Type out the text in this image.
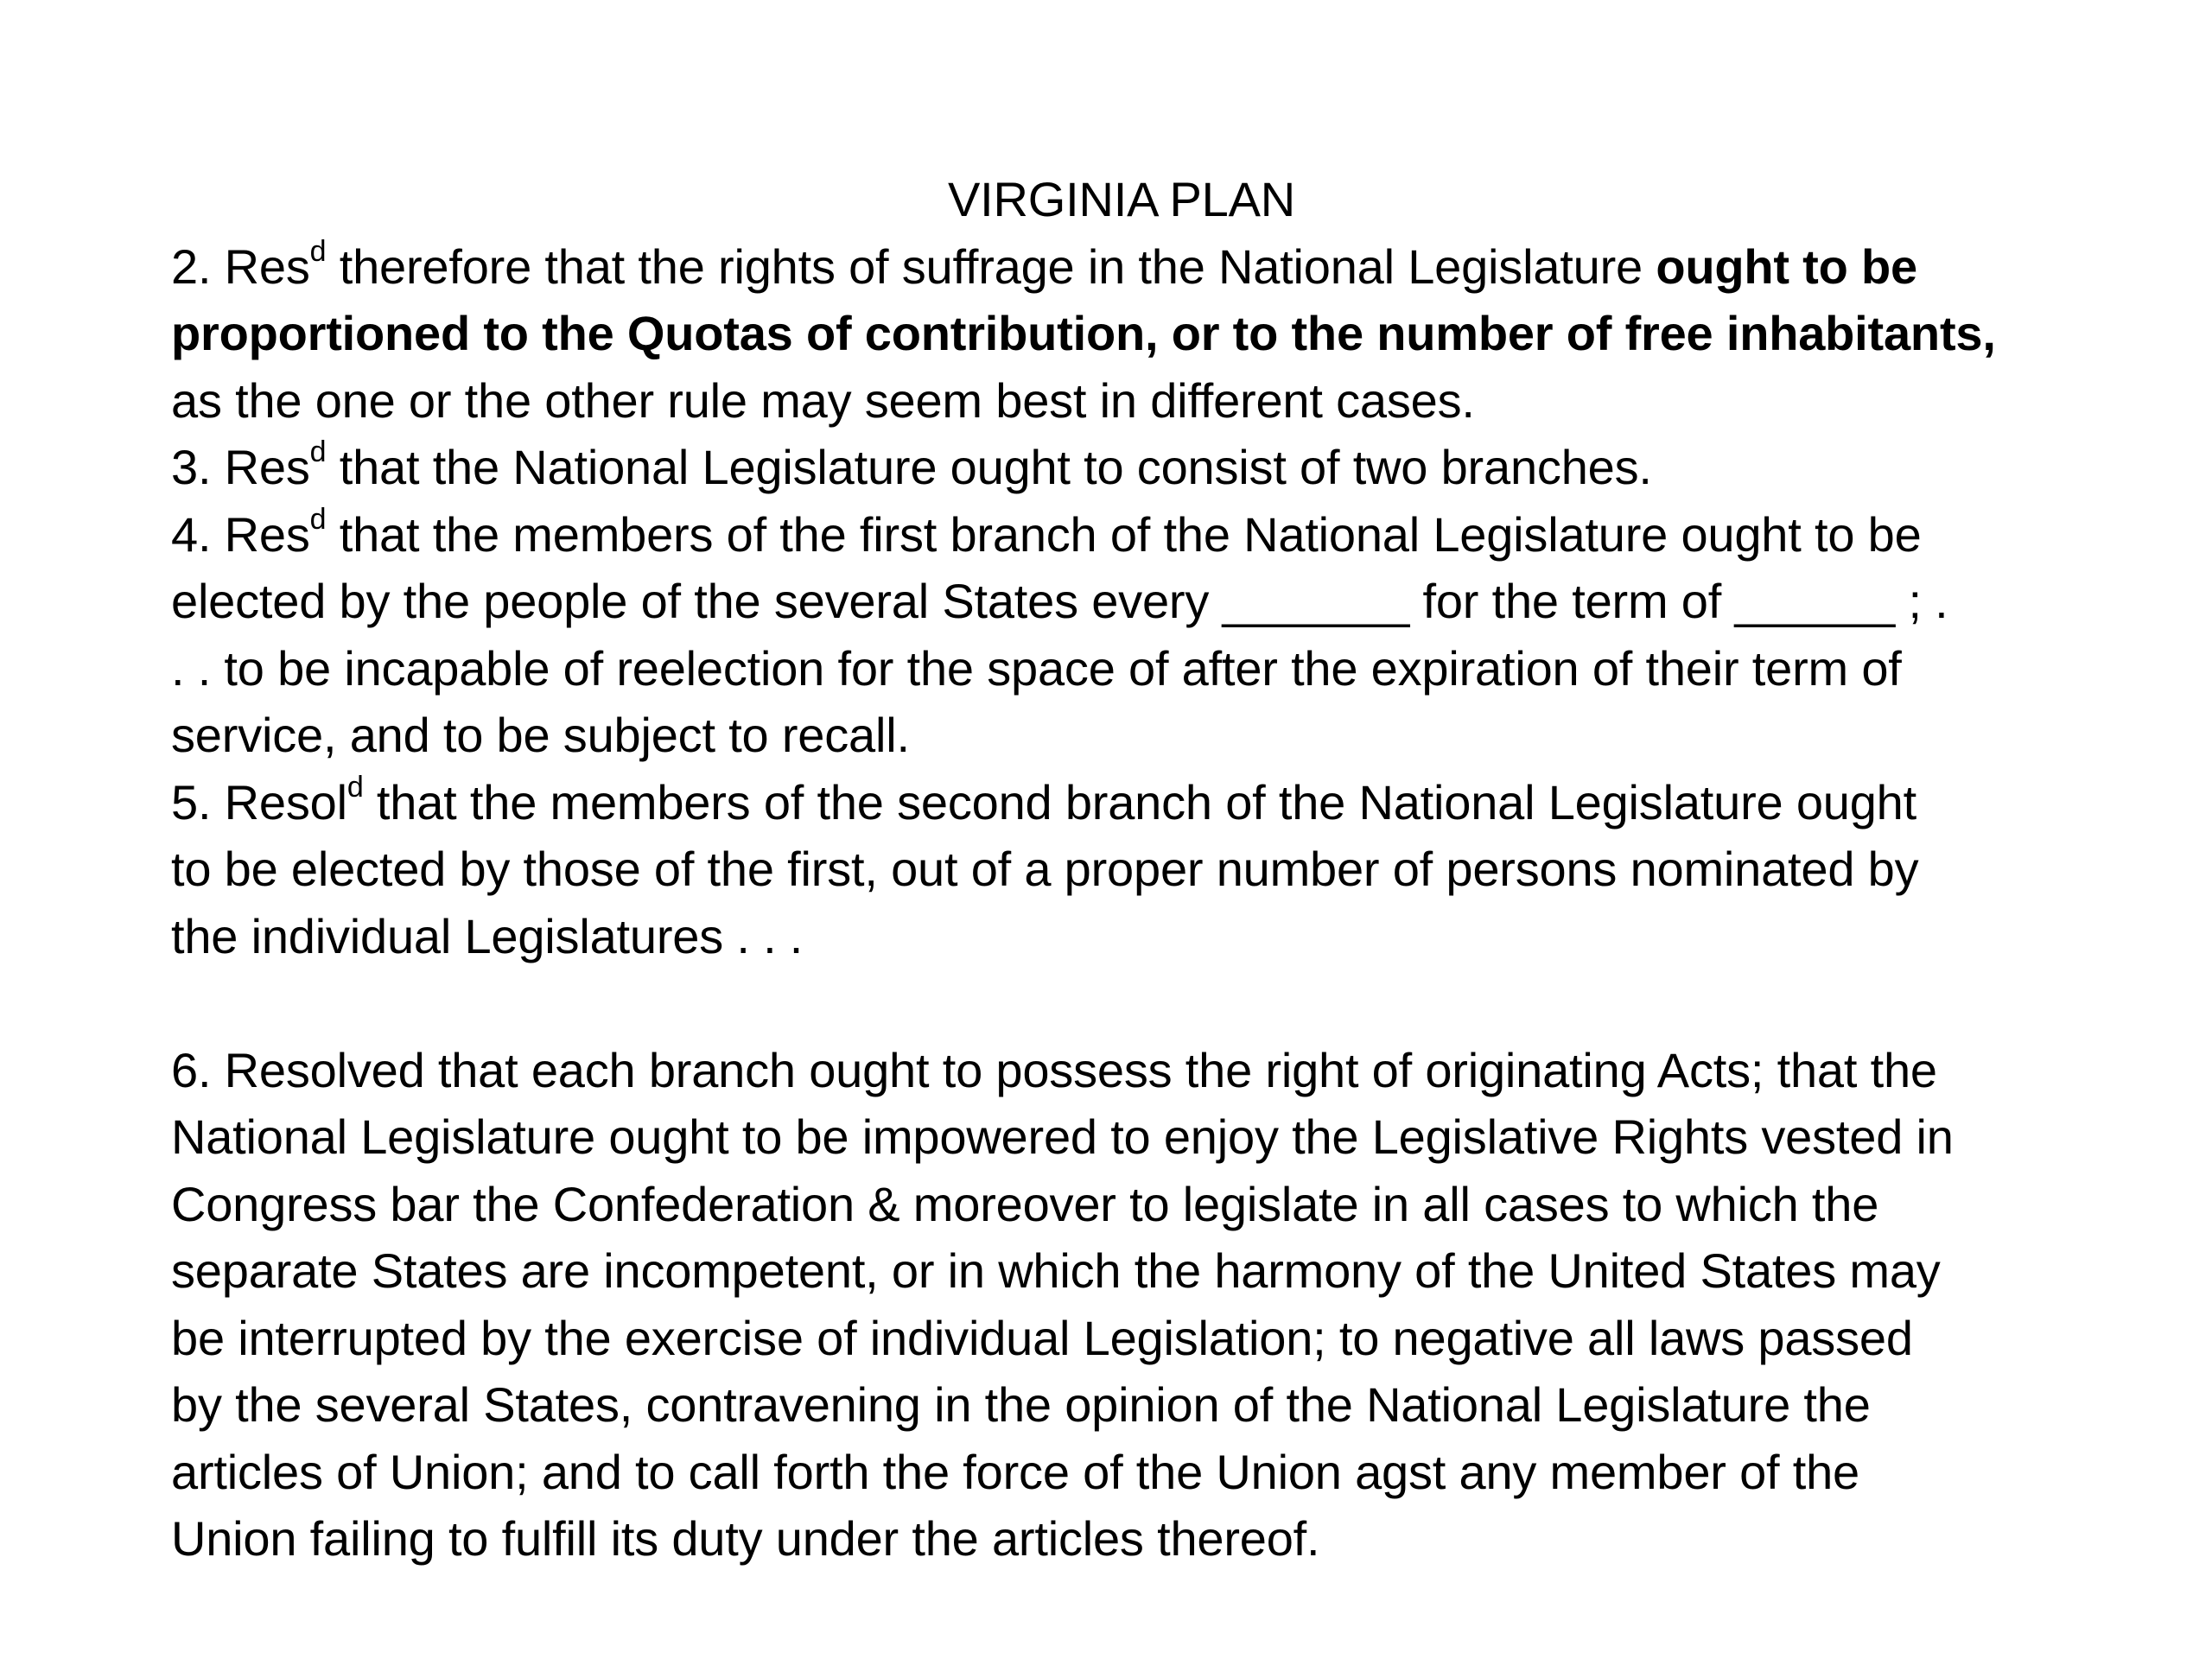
VIRGINIA PLAN
2. Res$^d$ therefore that the rights of suffrage in the National Legislature ought to be
proportioned to the Quotas of contribution, or to the number of free inhabitants,
as the one or the other rule may seem best in different cases.
3. Res$^d$ that the National Legislature ought to consist of two branches.
4. Res$^d$ that the members of the first branch of the National Legislature ought to be
elected by the people of the several States every _______ for the term of ______ ; .
. . to be incapable of reelection for the space of after the expiration of their term of
service, and to be subject to recall.
5. Resol$^d$ that the members of the second branch of the National Legislature ought
to be elected by those of the first, out of a proper number of persons nominated by
the individual Legislatures . . .
6. Resolved that each branch ought to possess the right of originating Acts; that the
National Legislature ought to be impowered to enjoy the Legislative Rights vested in
Congress bar the Confederation & moreover to legislate in all cases to which the
separate States are incompetent, or in which the harmony of the United States may
be interrupted by the exercise of individual Legislation; to negative all laws passed
by the several States, contravening in the opinion of the National Legislature the
articles of Union; and to call forth the force of the Union agst any member of the
Union failing to fulfill its duty under the articles thereof.
